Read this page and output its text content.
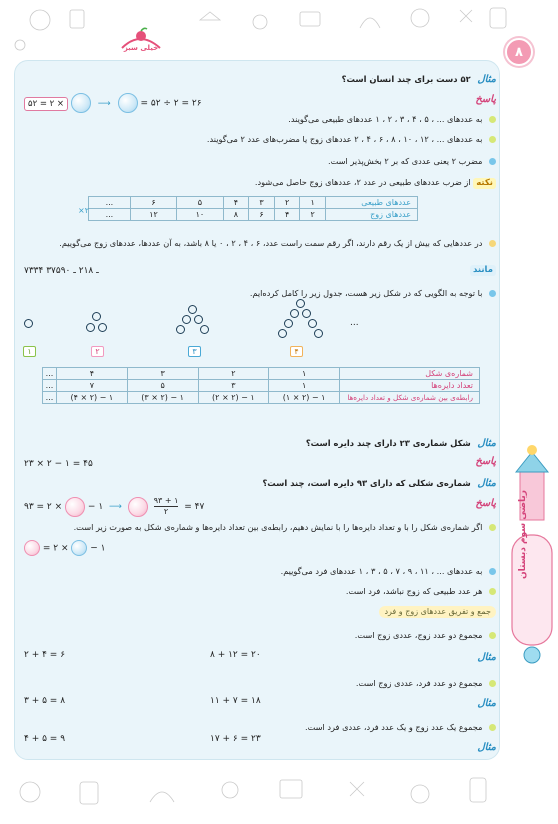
۸
ریاضی سوم دبستان
مثال ۵۲ دست برای چند انسان است؟
پاسخ
۵۲ = ۲ ×	⟶	= ۵۲ ÷ ۲ = ۲۶
به عددهای ... ، ۵ ، ۴ ، ۳ ، ۲ ، ۱ عددهای طبیعی می‌گویند.
به عددهای ... ، ۱۲ ، ۱۰ ، ۸ ، ۶ ، ۴ ، ۲ عددهای زوج یا مضرب‌های عدد ۲ می‌گویند.
مضرب ۲ یعنی عددی که بر ۲ بخش‌پذیر است.
نکته از ضرب عددهای طبیعی در عدد ۲، عددهای زوج حاصل می‌شود.
عددهای طبیعی	۱	۲	۳	۴	۵	۶	...
عددهای زوج	۲	۴	۶	۸	۱۰	۱۲	...
×۲
در عددهایی که بیش از یک رقم دارند، اگر رقم سمت راست عدد، ۶ ، ۴ ، ۲ ، ۰ یا ۸ باشد، به آن عددها، عددهای زوج می‌گوییم.
مانند
۷۳۳۴ ـ ۲۱۸ ـ ۳۷۵۹۰
با توجه به الگویی که در شکل زیر هست، جدول زیر را کامل کرده‌ایم.
...
۱	۲	۳	۴
شماره‌ی شکل	۱	۲	۳	۴	...
تعداد دایره‌ها	۱	۳	۵	۷	...
رابطه‌ی بین شماره‌ی شکل و تعداد دایره‌ها	(۱ × ۲) − ۱	(۲ × ۲) − ۱	(۳ × ۲) − ۱	(۴ × ۲) − ۱	...
مثال شکل شماره‌ی ۲۳ دارای چند دایره است؟
پاسخ
۲۳ × ۲ − ۱ = ۴۵
مثال شماره‌ی شکلی که دارای ۹۳ دایره است، چند است؟
پاسخ
۹۳ = ۲ ×	− ۱ ⟶
۹۳ + ۱
۲	= ۴۷
اگر شماره‌ی شکل را با و تعداد دایره‌ها را با نمایش دهیم، رابطه‌ی بین تعداد دایره‌ها و شماره‌ی شکل به صورت زیر است.
= ۲ × − ۱
به عددهای ... ، ۱۱ ، ۹ ، ۷ ، ۵ ، ۳ ، ۱ عددهای فرد می‌گوییم.
هر عدد طبیعی که زوج نباشد، فرد است.
جمع و تفریق عددهای زوج و فرد
مجموع دو عدد زوج، عددی زوج است.
مثال
۸ + ۱۲ = ۲۰
۲ + ۴ = ۶
مجموع دو عدد فرد، عددی زوج است.
مثال
۱۱ + ۷ = ۱۸
۳ + ۵ = ۸
مجموع یک عدد زوج و یک عدد فرد، عددی فرد است.
مثال
۱۷ + ۶ = ۲۳
۴ + ۵ = ۹
خیلی سبز
